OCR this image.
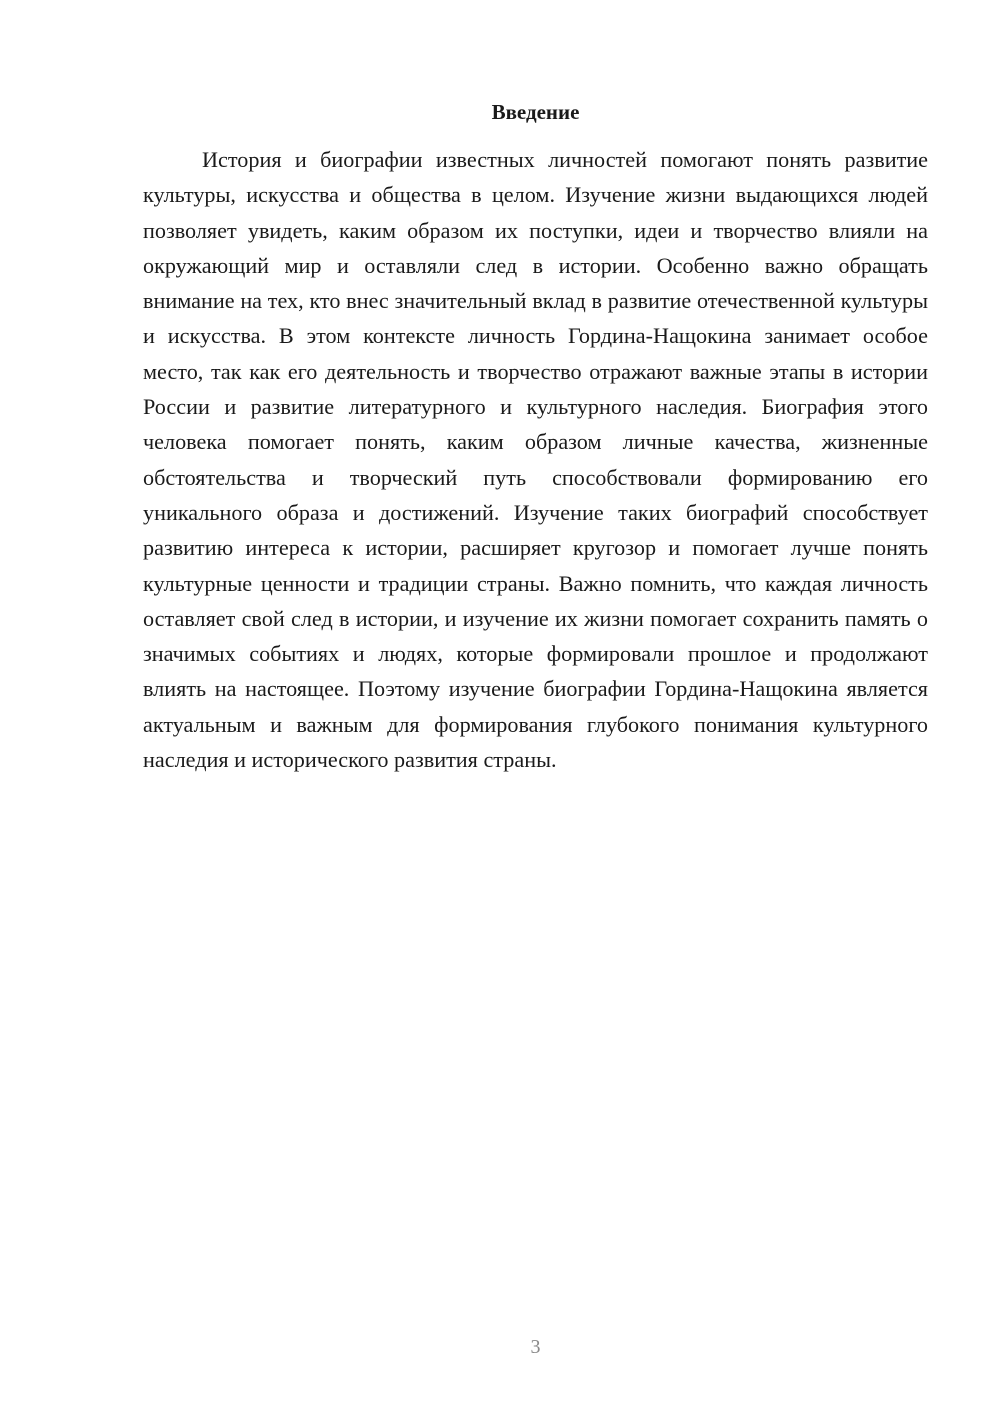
Введение

История и биографии известных личностей помогают понять развитие культуры, искусства и общества в целом. Изучение жизни выдающихся людей позволяет увидеть, каким образом их поступки, идеи и творчество влияли на окружающий мир и оставляли след в истории. Особенно важно обращать внимание на тех, кто внес значительный вклад в развитие отечественной культуры и искусства. В этом контексте личность Гордина-Нащокина занимает особое место, так как его деятельность и творчество отражают важные этапы в истории России и развитие литературного и культурного наследия. Биография этого человека помогает понять, каким образом личные качества, жизненные обстоятельства и творческий путь способствовали формированию его уникального образа и достижений. Изучение таких биографий способствует развитию интереса к истории, расширяет кругозор и помогает лучше понять культурные ценности и традиции страны. Важно помнить, что каждая личность оставляет свой след в истории, и изучение их жизни помогает сохранить память о значимых событиях и людях, которые формировали прошлое и продолжают влиять на настоящее. Поэтому изучение биографии Гордина-Нащокина является актуальным и важным для формирования глубокого понимания культурного наследия и исторического развития страны.

3
